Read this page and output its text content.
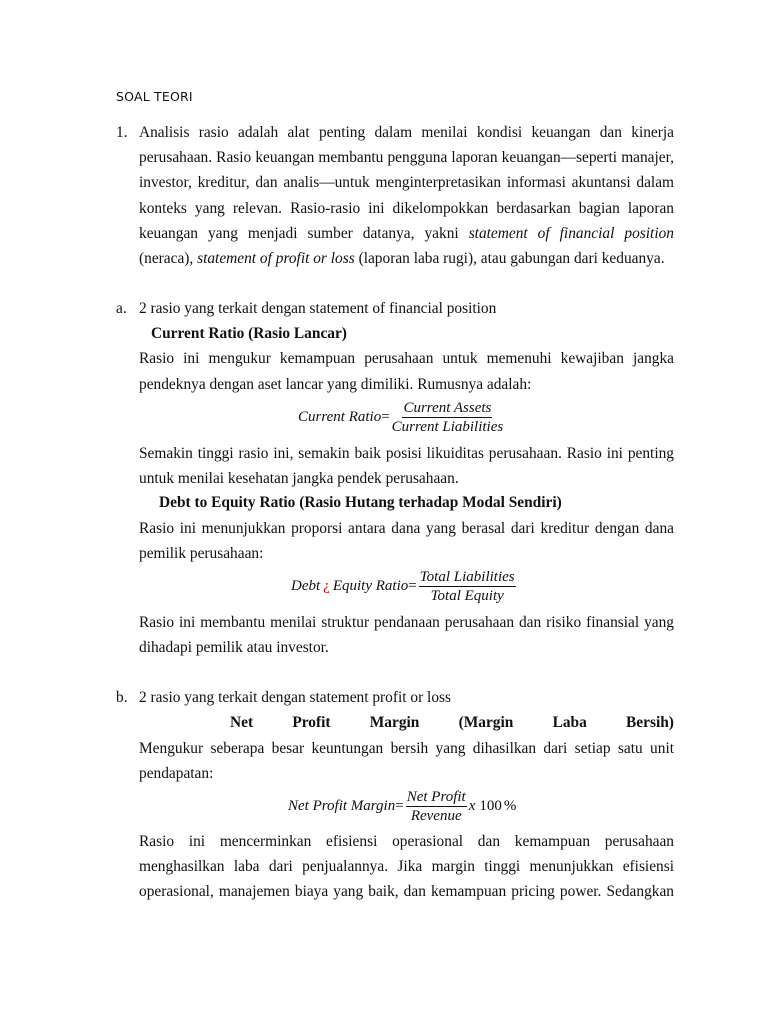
SOAL TEORI
1. Analisis rasio adalah alat penting dalam menilai kondisi keuangan dan kinerja perusahaan. Rasio keuangan membantu pengguna laporan keuangan—seperti manajer, investor, kreditur, dan analis—untuk menginterpretasikan informasi akuntansi dalam konteks yang relevan. Rasio-rasio ini dikelompokkan berdasarkan bagian laporan keuangan yang menjadi sumber datanya, yakni statement of financial position (neraca), statement of profit or loss (laporan laba rugi), atau gabungan dari keduanya.
a. 2 rasio yang terkait dengan statement of financial position
Current Ratio (Rasio Lancar)
Rasio ini mengukur kemampuan perusahaan untuk memenuhi kewajiban jangka
pendeknya dengan aset lancar yang dimiliki. Rumusnya adalah:
Current Ratio = $\frac{\text{Current Assets}}{\text{Current Liabilities}}$
Semakin tinggi rasio ini, semakin baik posisi likuiditas perusahaan. Rasio ini penting
untuk menilai kesehatan jangka pendek perusahaan.
Debt to Equity Ratio (Rasio Hutang terhadap Modal Sendiri)
Rasio ini menunjukkan proporsi antara dana yang berasal dari kreditur dengan dana
pemilik perusahaan:
Debt ¿ Equity Ratio = $\frac{\text{Total Liabilities}}{\text{Total Equity}}$
Rasio ini membantu menilai struktur pendanaan perusahaan dan risiko finansial yang
dihadapi pemilik atau investor.
b. 2 rasio yang terkait dengan statement profit or loss
Net	Profit	Margin	(Margin	Laba	Bersih)
Mengukur seberapa besar keuntungan bersih yang dihasilkan dari setiap satu unit
pendapatan:
Net Profit Margin = $\frac{\text{Net Profit}}{\text{Revenue}}$ x 100 %
Rasio ini mencerminkan efisiensi operasional dan kemampuan perusahaan
menghasilkan laba dari penjualannya. Jika margin tinggi menunjukkan efisiensi
operasional, manajemen biaya yang baik, dan kemampuan pricing power. Sedangkan
